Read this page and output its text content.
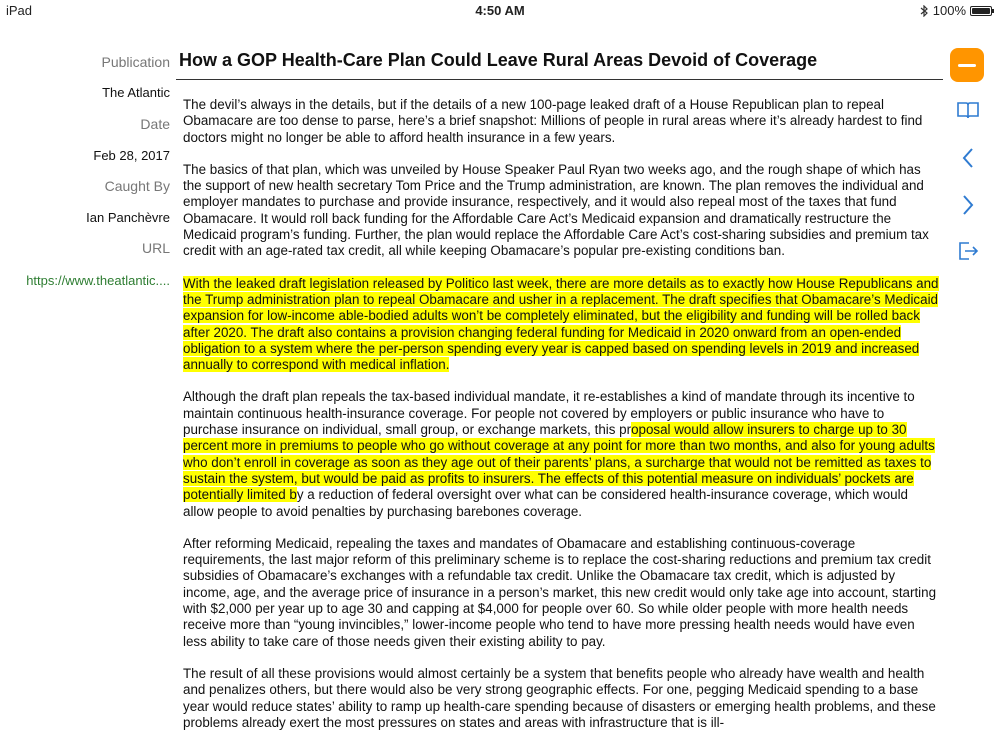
iPad	4:50 AM	100%
Publication
The Atlantic
Date
Feb 28, 2017
Caught By
Ian Panchèvre
URL
https://www.theatlantic....
How a GOP Health-Care Plan Could Leave Rural Areas Devoid of Coverage

The devil’s always in the details, but if the details of a new 100-page leaked draft of a House Republican plan to repeal Obamacare are too dense to parse, here’s a brief snapshot: Millions of people in rural areas where it’s already hardest to find doctors might no longer be able to afford health insurance in a few years.

The basics of that plan, which was unveiled by House Speaker Paul Ryan two weeks ago, and the rough shape of which has the support of new health secretary Tom Price and the Trump administration, are known. The plan removes the individual and employer mandates to purchase and provide insurance, respectively, and it would also repeal most of the taxes that fund Obamacare. It would roll back funding for the Affordable Care Act’s Medicaid expansion and dramatically restructure the Medicaid program’s funding. Further, the plan would replace the Affordable Care Act’s cost-sharing subsidies and premium tax credit with an age-rated tax credit, all while keeping Obamacare’s popular pre-existing conditions ban.

With the leaked draft legislation released by Politico last week, there are more details as to exactly how House Republicans and the Trump administration plan to repeal Obamacare and usher in a replacement. The draft specifies that Obamacare’s Medicaid expansion for low-income able-bodied adults won’t be completely eliminated, but the eligibility and funding will be rolled back after 2020. The draft also contains a provision changing federal funding for Medicaid in 2020 onward from an open-ended obligation to a system where the per-person spending every year is capped based on spending levels in 2019 and increased annually to correspond with medical inflation.

Although the draft plan repeals the tax-based individual mandate, it re-establishes a kind of mandate through its incentive to maintain continuous health-insurance coverage. For people not covered by employers or public insurance who have to purchase insurance on individual, small group, or exchange markets, this proposal would allow insurers to charge up to 30 percent more in premiums to people who go without coverage at any point for more than two months, and also for young adults who don’t enroll in coverage as soon as they age out of their parents’ plans, a surcharge that would not be remitted as taxes to sustain the system, but would be paid as profits to insurers. The effects of this potential measure on individuals’ pockets are potentially limited by a reduction of federal oversight over what can be considered health-insurance coverage, which would allow people to avoid penalties by purchasing barebones coverage.

After reforming Medicaid, repealing the taxes and mandates of Obamacare and establishing continuous-coverage requirements, the last major reform of this preliminary scheme is to replace the cost-sharing reductions and premium tax credit subsidies of Obamacare’s exchanges with a refundable tax credit. Unlike the Obamacare tax credit, which is adjusted by income, age, and the average price of insurance in a person’s market, this new credit would only take age into account, starting with $2,000 per year up to age 30 and capping at $4,000 for people over 60. So while older people with more health needs receive more than “young invincibles,” lower-income people who tend to have more pressing health needs would have even less ability to take care of those needs given their existing ability to pay.

The result of all these provisions would almost certainly be a system that benefits people who already have wealth and health and penalizes others, but there would also be very strong geographic effects. For one, pegging Medicaid spending to a base year would reduce states’ ability to ramp up health-care spending because of disasters or emerging health problems, and these problems already exert the most pressures on states and areas with infrastructure that is ill-
